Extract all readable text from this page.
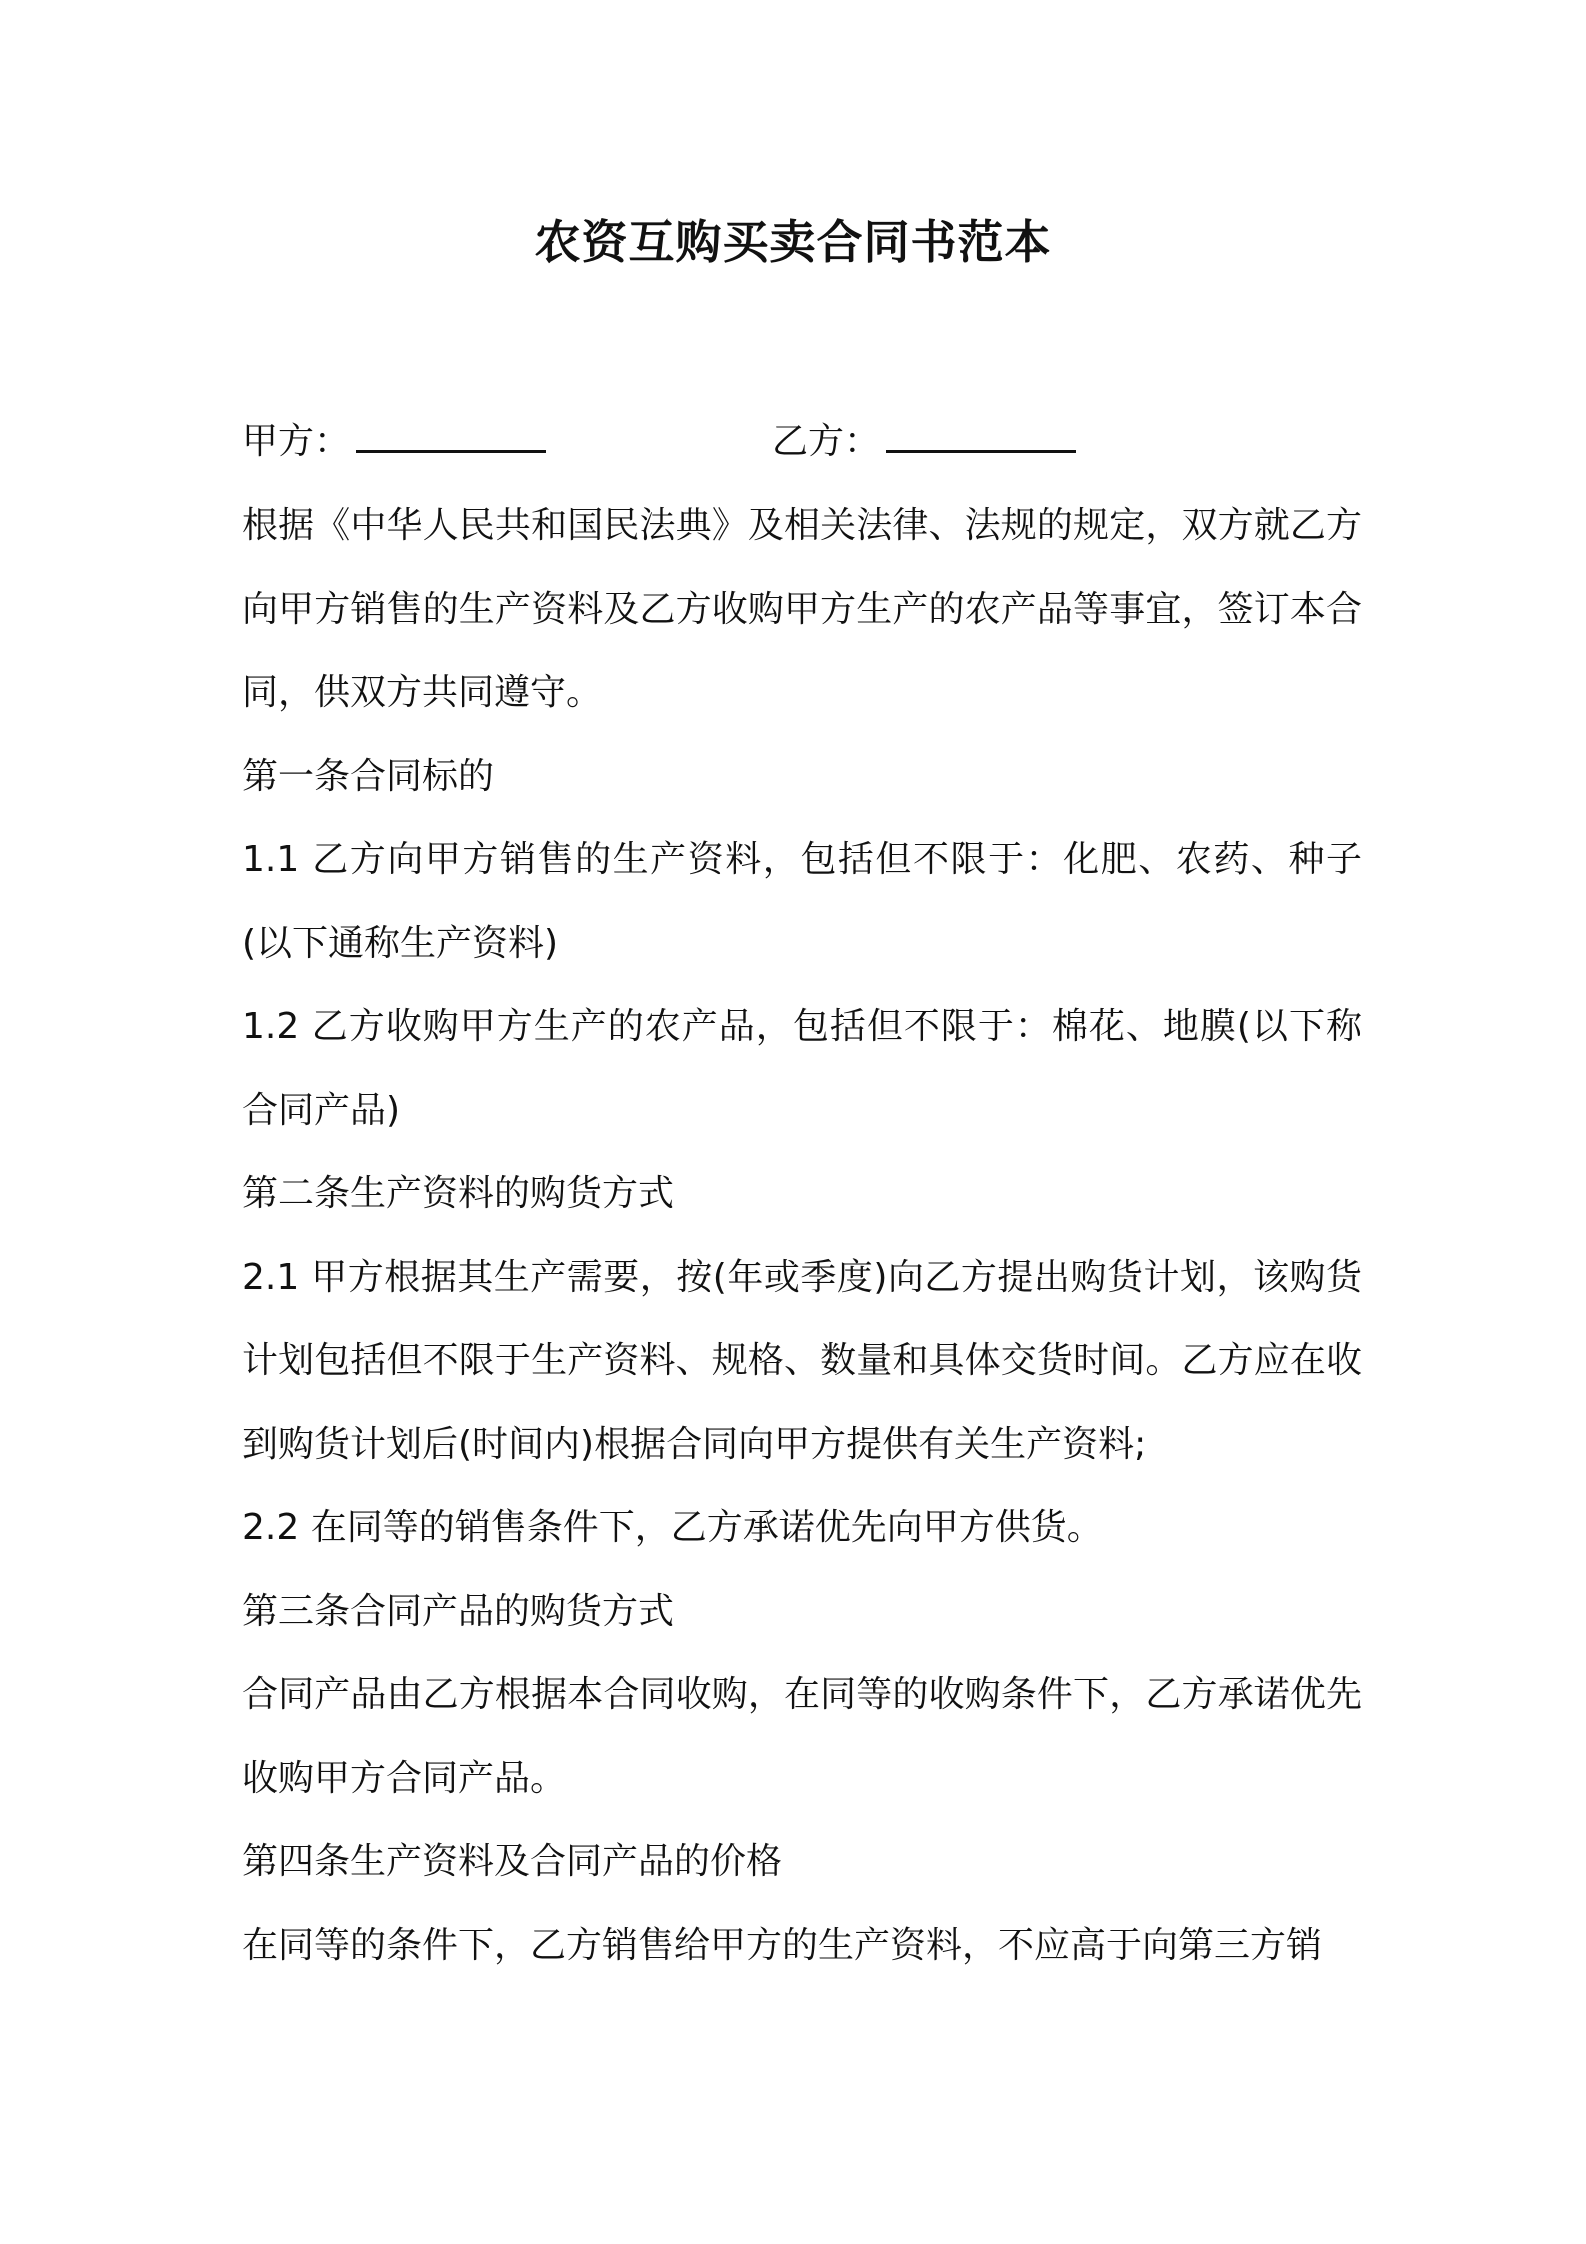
农资互购买卖合同书范本
甲方：	乙方：

根据《中华人民共和国民法典》及相关法律、法规的规定，双方就乙方向甲方销售的生产资料及乙方收购甲方生产的农产品等事宜，签订本合同，供双方共同遵守。

第一条合同标的

1.1 乙方向甲方销售的生产资料，包括但不限于：化肥、农药、种子(以下通称生产资料)

1.2 乙方收购甲方生产的农产品，包括但不限于：棉花、地膜(以下称合同产品)

第二条生产资料的购货方式

2.1 甲方根据其生产需要，按(年或季度)向乙方提出购货计划，该购货计划包括但不限于生产资料、规格、数量和具体交货时间。乙方应在收到购货计划后(时间内)根据合同向甲方提供有关生产资料;

2.2 在同等的销售条件下，乙方承诺优先向甲方供货。

第三条合同产品的购货方式

合同产品由乙方根据本合同收购，在同等的收购条件下，乙方承诺优先收购甲方合同产品。

第四条生产资料及合同产品的价格

在同等的条件下，乙方销售给甲方的生产资料，不应高于向第三方销
